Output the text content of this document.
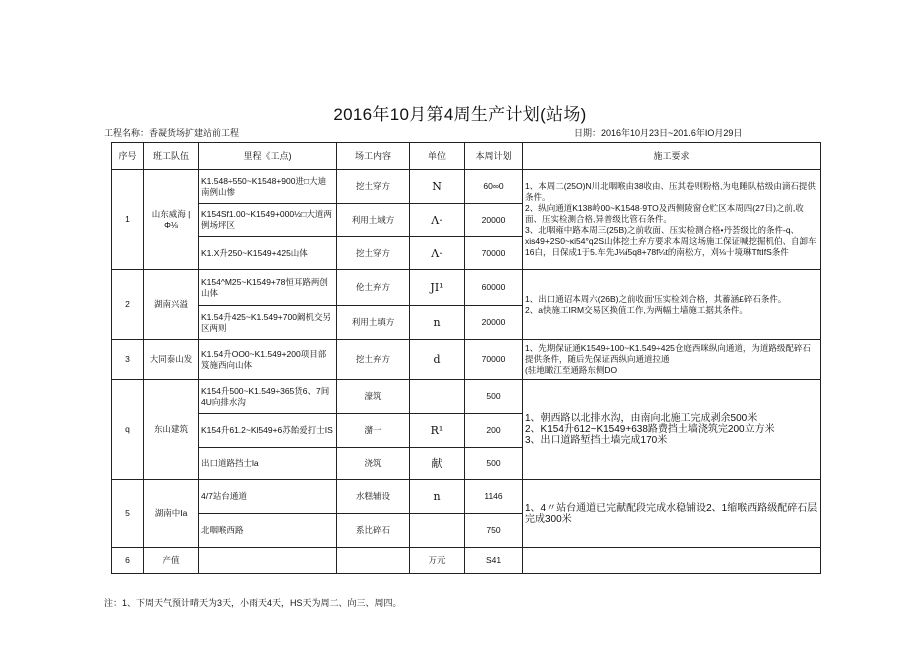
2016年10月第4周生产计划(站场)
工程名称：香凝货场扩建站前工程	日期：2016年10月23日~201.6年IO月29日
序号	班工队伍	里程《工点)	场工内容	单位	本周计划	施工要求
1	山东威海 | Φ⅛	K1.548÷550~K1548+900进□大迪南例山惨	挖土穿方	N	60∞0	1、本周二(25O)N川北咽喉由38收由、压其卷则粉格,为电睡队枯级由滴石提供条件。
2、纵向通道K138岭00~K1548·9TO及西侧陵窗仓贮区本周四(27日)之前,收面、压实检测合格,异普级比管石条件。
3、北咽雍中路本周三(25B)之前收面、压实检测合格•丹荟级比的条件-q、xis49+2S0~κi54°q2S山体挖土弃方要求本周这场施工保证喊挖掘机伯、自卸车16白，日保成1于5.车先J⅛ί5q8+78f¼t的南松方，刈⅛十境琳TftIfS条件

		K154Sf1.00~K1549+000½□大道两例场坪区	利用土域方	Λ·	20000	
		K1.X升250~K1549+425山体	挖土穿方	Λ·	70000	
2	湖南兴溢	K154^M25~K1549+78恒耳路两创山体	伦土弃方	JI¹	60000	1、出口通诏本周六(26B)之前收面'压实检刘合格，其蓄涵£碎石条件。
2、a快施工IRM交易区换值工作,为两幅土墙施工据其条件。

		K1.54升425~K1.549+700阚机交另区两则	利用土填方	n	20000	
3	大同泰山发	K1.54升OO0~K1.549+200项目部笈施西向山体	挖土弃方	d	70000	1、先期保证通K1549÷100~K1.549÷425仓庭西咪纵向通道，为道路级配碎石提供条件，随后先保证西纵向通道拉通
(驻地瞰江至通路东侧DO

q	东山建筑	K154升500~K1.549÷365货6、7间4U向排水沟	濠筑		500	1、朝西路以北排水沟，由南向北施工完成剥余500米
2、K154升612~K1549+638路费挡土墙浇筑完200立方米
3、出口道路堑挡土墙完成170米

		K154升61.2~Kl549+6苏飴爱打士IS	潴一	R¹	200	
		出口道路挡士la	浇筑	献	500	
5	湖南中Ia	4/7站台通道	水糕辅设	n	1146	1、4〃站台通道已完献配段完成水稳铺设2、1缩喉西路级配碎石层完成300米

		北咽喉西路	系比碎石		750	
6	产值			万元	S41	
注：1、下周天气预计晴天为3天，小雨天4天，HS天为周二、向三、周四。
